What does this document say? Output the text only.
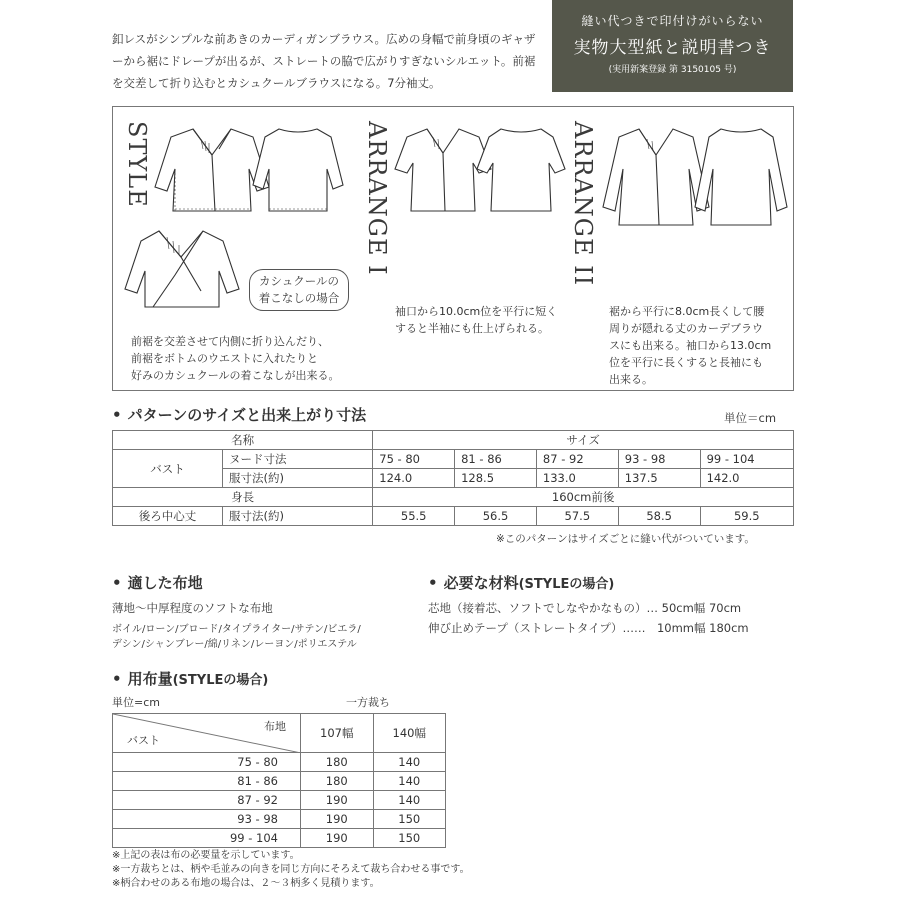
釦レスがシンプルな前あきのカーディガンブラウス。広めの身幅で前身頃のギャザーから裾にドレープが出るが、ストレートの脇で広がりすぎないシルエット。前裾を交差して折り込むとカシュクールブラウスになる。7分袖丈。
縫い代つきで印付けがいらない
実物大型紙と説明書つき
(実用新案登録 第 3150105 号)
STYLE	ARRANGE I	ARRANGE II
カシュクールの着こなしの場合
前裾を交差させて内側に折り込んだり、
前裾をボトムのウエストに入れたりと
好みのカシュクールの着こなしが出来る。
袖口から10.0cm位を平行に短く
すると半袖にも仕上げられる。
裾から平行に8.0cm長くして腰
周りが隠れる丈のカーデブラウ
スにも出来る。袖口から13.0cm
位を平行に長くすると長袖にも
出来る。
• パターンのサイズと出来上がり寸法	単位＝cm
名称		サイズ				
バスト	ヌード寸法	75 - 80	81 - 86	87 - 92	93 - 98	99 - 104
	服寸法(約)	124.0	128.5	133.0	137.5	142.0
身長		160cm前後				
後ろ中心丈	服寸法(約)	55.5	56.5	57.5	58.5	59.5
※このパターンはサイズごとに縫い代がついています。
• 適した布地
薄地〜中厚程度のソフトな布地
ボイル/ローン/ブロード/タイプライター/サテン/ビエラ/
デシン/シャンブレー/綿/リネン/レーヨン/ポリエステル
• 必要な材料(STYLEの場合)
芯地（接着芯、ソフトでしなやかなもの）… 50cm幅 70cm
伸び止めテープ（ストレートタイプ）……　10mm幅 180cm
• 用布量(STYLEの場合)
単位=cm	一方裁ち
布地
バスト	107幅	140幅
75 - 80	180	140
81 - 86	180	140
87 - 92	190	140
93 - 98	190	150
99 - 104	190	150
※上記の表は布の必要量を示しています。
※一方裁ちとは、柄や毛並みの向きを同じ方向にそろえて裁ち合わせる事です。
※柄合わせのある布地の場合は、２〜３柄多く見積ります。
